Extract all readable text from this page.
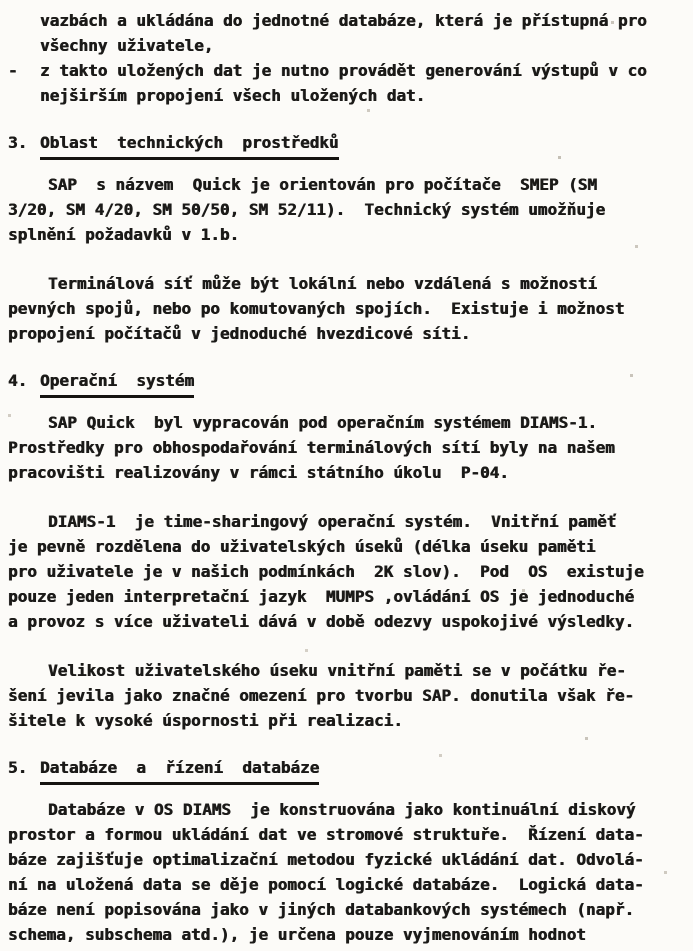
vazbách a ukládána do jednotné databáze, která je přístupná pro
všechny uživatele,
- z takto uložených dat je nutno provádět generování výstupů v co
nejširším propojení všech uložených dat.
3. Oblast  technických  prostředků
SAP  s názvem  Quick je orientován pro počítače  SMEP (SM
3/20, SM 4/20, SM 50/50, SM 52/11).  Technický systém umožňuje
splnění požadavků v 1.b.
Terminálová síť může být lokální nebo vzdálená s možností
pevných spojů, nebo po komutovaných spojích.  Existuje i možnost
propojení počítačů v jednoduché hvezdicové síti.
4. Operační  systém
SAP Quick  byl vypracován pod operačním systémem DIAMS-1.
Prostředky pro obhospodařování terminálových sítí byly na našem
pracovišti realizovány v rámci státního úkolu  P-04.
DIAMS-1  je time-sharingový operační systém.  Vnitřní paměť
je pevně rozdělena do uživatelských úseků (délka úseku paměti
pro uživatele je v našich podmínkách  2K slov).  Pod  OS  existuje
pouze jeden interpretační jazyk  MUMPS ,ovládání OS je jednoduché
a provoz s více uživateli dává v době odezvy uspokojivé výsledky.
Velikost uživatelského úseku vnitřní paměti se v počátku ře-
šení jevila jako značné omezení pro tvorbu SAP. donutila však ře-
šitele k vysoké úspornosti při realizaci.
5. Databáze  a  řízení  databáze
Databáze v OS DIAMS  je konstruována jako kontinuální diskový
prostor a formou ukládání dat ve stromové struktuře.  Řízení data-
báze zajišťuje optimalizační metodou fyzické ukládání dat. Odvolá-
ní na uložená data se děje pomocí logické databáze.  Logická data-
báze není popisována jako v jiných databankových systémech (např.
schema, subschema atd.), je určena pouze vyjmenováním hodnot
